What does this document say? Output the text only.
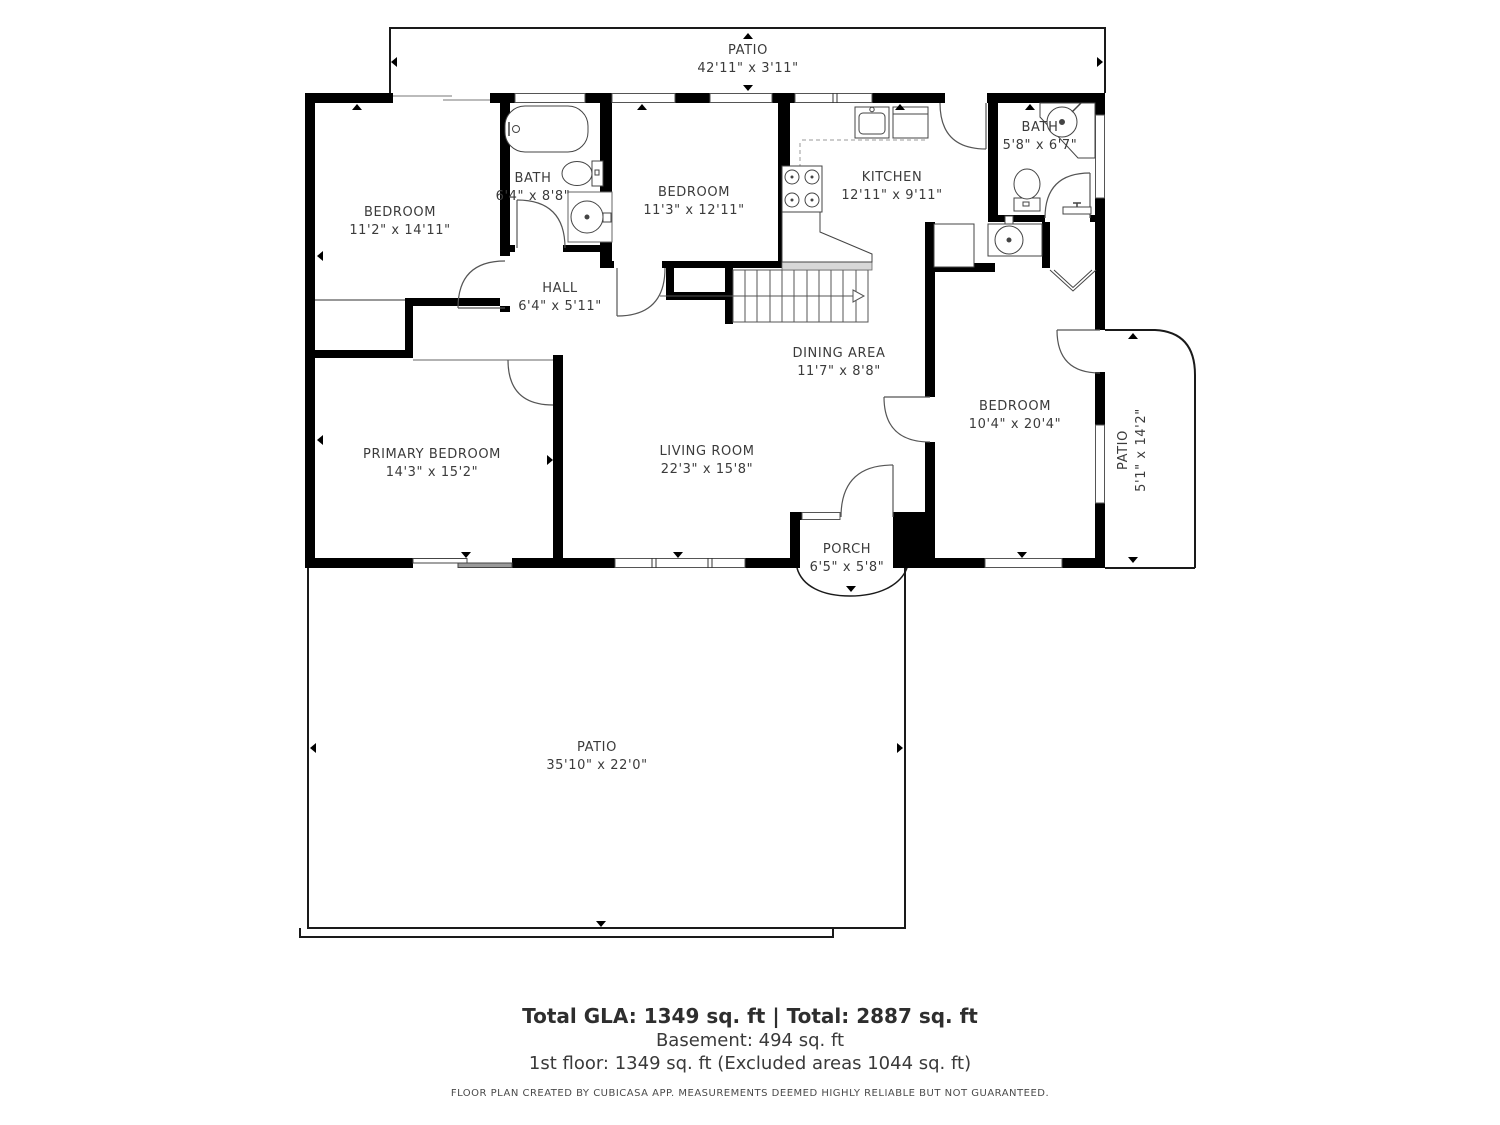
PATIO
42'11" x 3'11"
BEDROOM
11'2" x 14'11"
BATH
6'4" x 8'8"	BEDROOM
11'3" x 12'11"
KITCHEN
12'11" x 9'11"
BATH
5'8" x 6'7"
HALL
6'4" x 5'11"
DINING AREA
11'7" x 8'8"
LIVING ROOM
22'3" x 15'8"
PRIMARY BEDROOM
14'3" x 15'2"
BEDROOM
10'4" x 20'4"
PATIO 5'1" x 14'2"
PORCH
6'5" x 5'8"
PATIO
35'10" x 22'0"
Total GLA: 1349 sq. ft | Total: 2887 sq. ft
Basement: 494 sq. ft
1st floor: 1349 sq. ft (Excluded areas 1044 sq. ft)
FLOOR PLAN CREATED BY CUBICASA APP. MEASUREMENTS DEEMED HIGHLY RELIABLE BUT NOT GUARANTEED.
